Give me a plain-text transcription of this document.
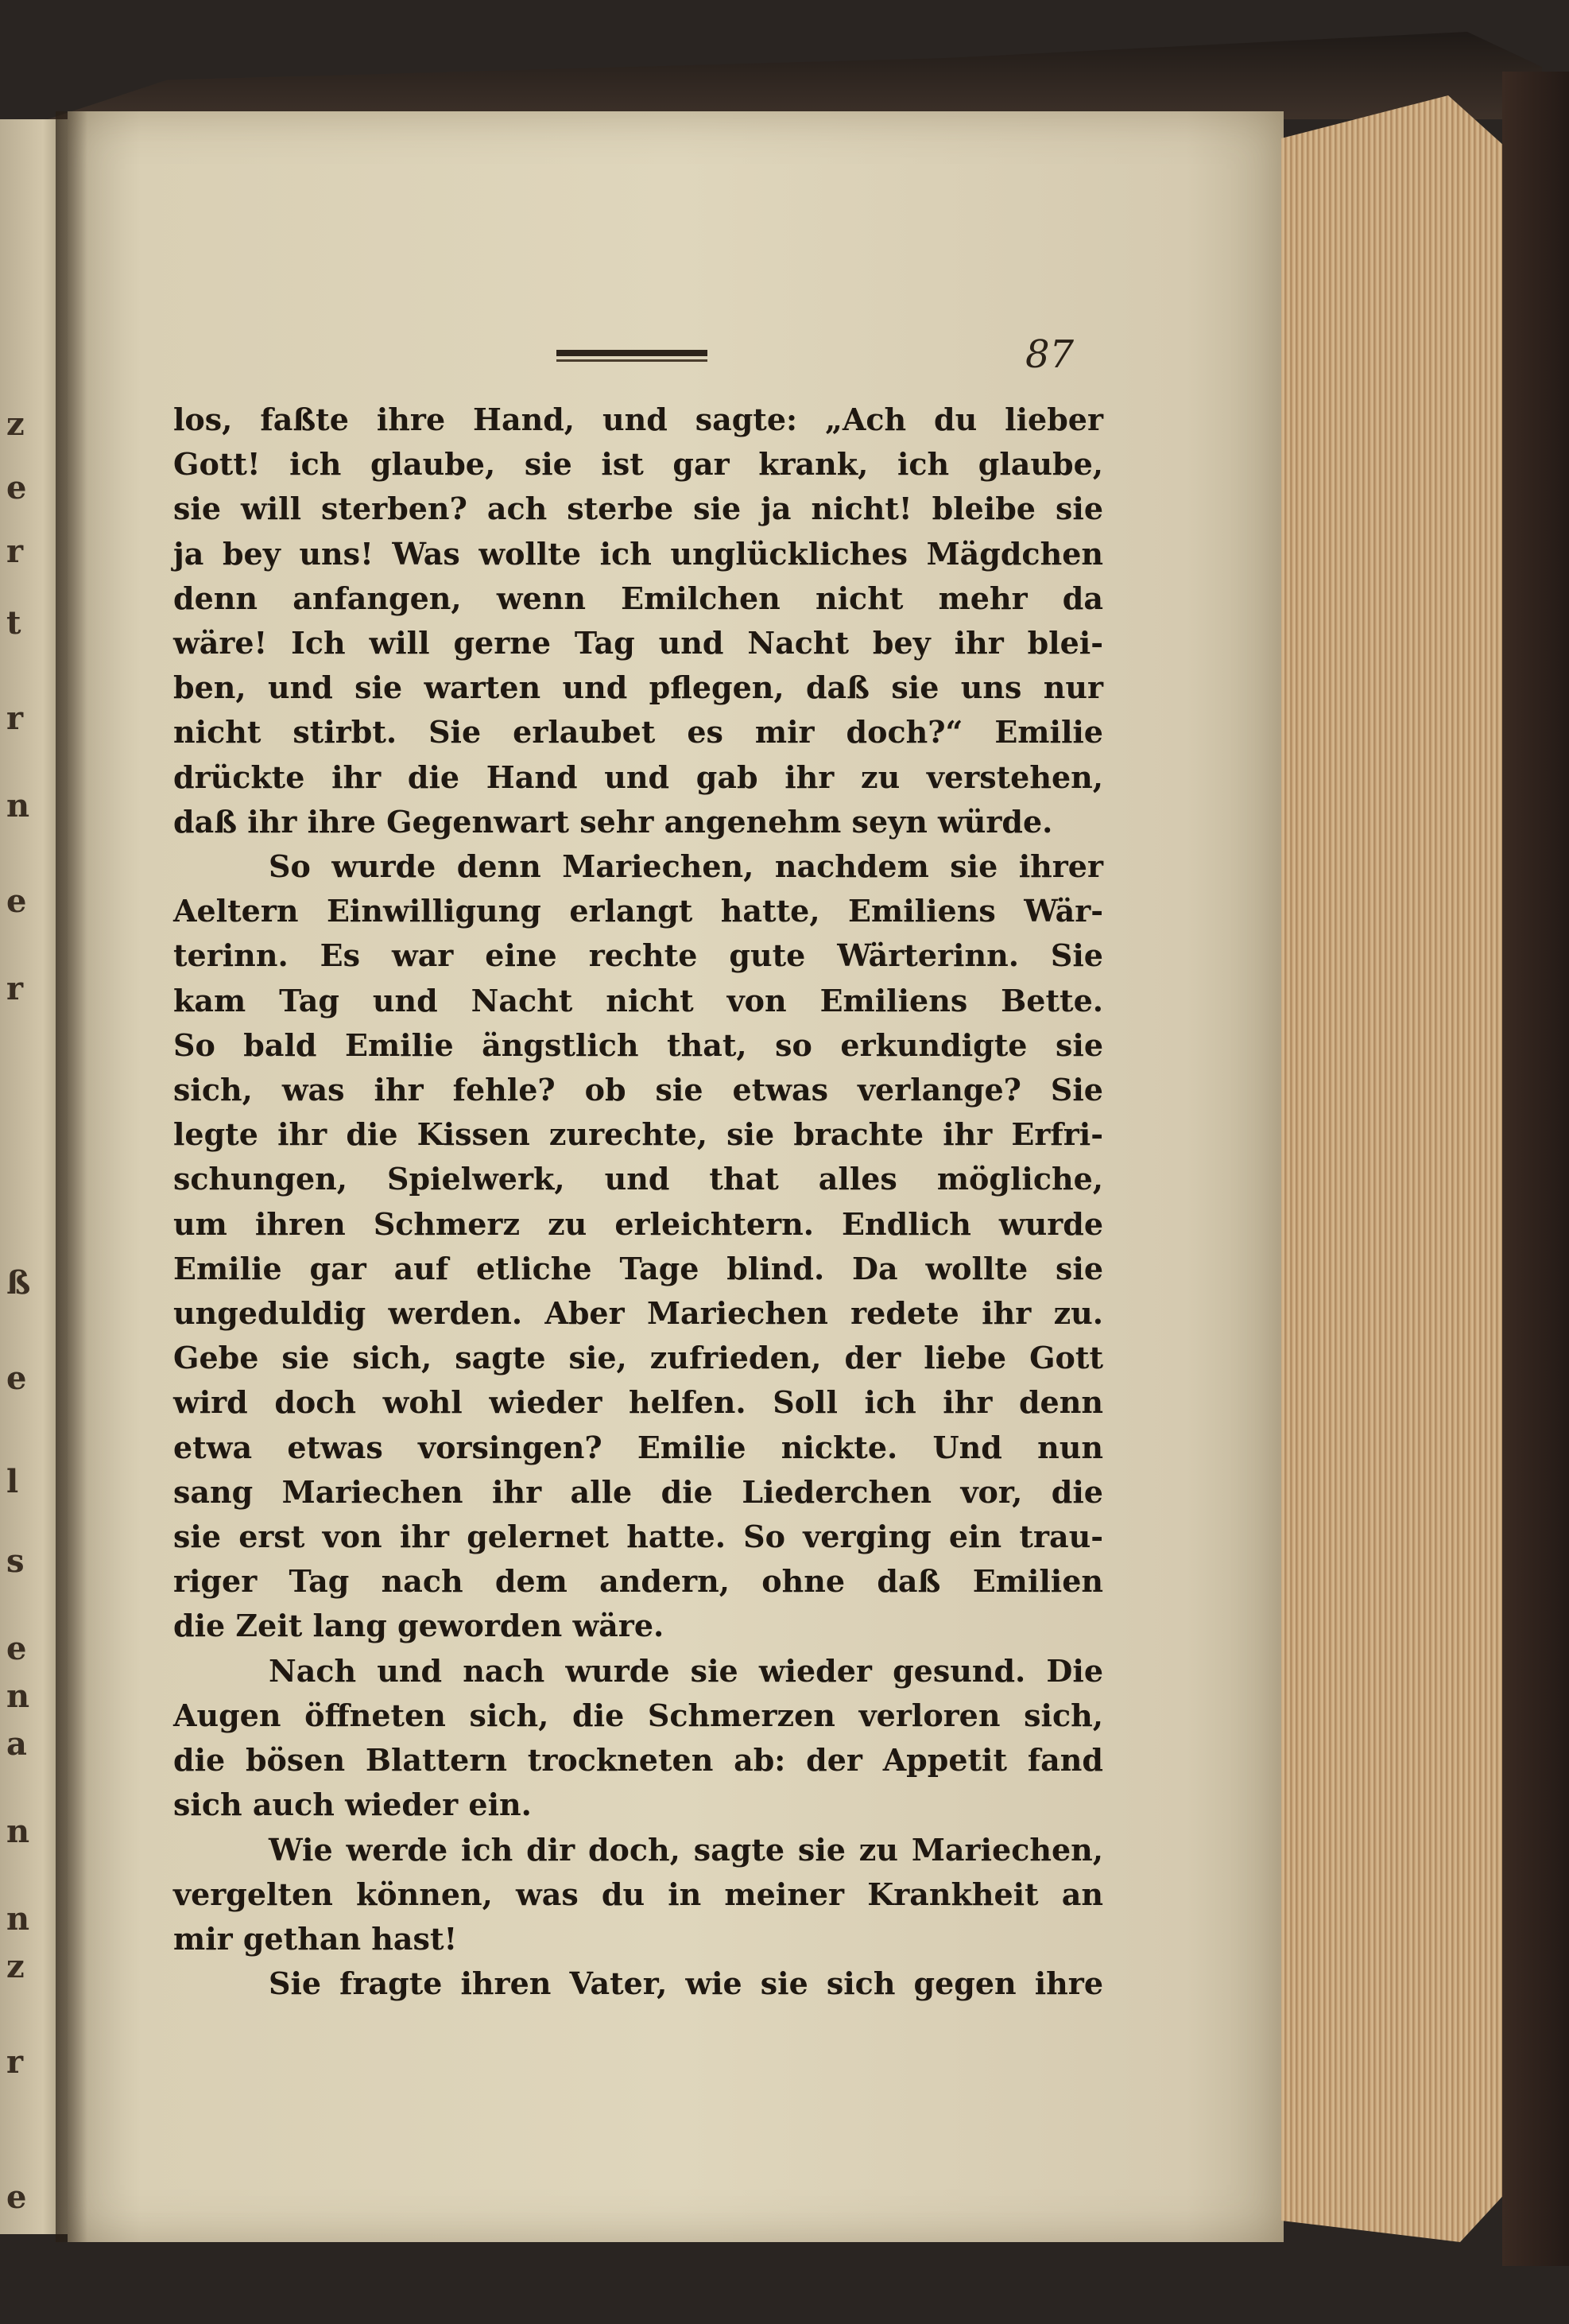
z
e
r
t
r
n
e
r
ß
e
l
s
e
n
a
n
n
z
r
e
87
los, faßte ihre Hand, und sagte: „Ach du lieber
Gott! ich glaube, sie ist gar krank, ich glaube,
sie will sterben? ach sterbe sie ja nicht! bleibe sie
ja bey uns! Was wollte ich unglückliches Mägdchen
denn anfangen, wenn Emilchen nicht mehr da
wäre! Ich will gerne Tag und Nacht bey ihr blei-
ben, und sie warten und pflegen, daß sie uns nur
nicht stirbt. Sie erlaubet es mir doch?“ Emilie
drückte ihr die Hand und gab ihr zu verstehen,
daß ihr ihre Gegenwart sehr angenehm seyn würde.
So wurde denn Mariechen, nachdem sie ihrer
Aeltern Einwilligung erlangt hatte, Emiliens Wär-
terinn. Es war eine rechte gute Wärterinn. Sie
kam Tag und Nacht nicht von Emiliens Bette.
So bald Emilie ängstlich that, so erkundigte sie
sich, was ihr fehle? ob sie etwas verlange? Sie
legte ihr die Kissen zurechte, sie brachte ihr Erfri-
schungen, Spielwerk, und that alles mögliche,
um ihren Schmerz zu erleichtern. Endlich wurde
Emilie gar auf etliche Tage blind. Da wollte sie
ungeduldig werden. Aber Mariechen redete ihr zu.
Gebe sie sich, sagte sie, zufrieden, der liebe Gott
wird doch wohl wieder helfen. Soll ich ihr denn
etwa etwas vorsingen? Emilie nickte. Und nun
sang Mariechen ihr alle die Liederchen vor, die
sie erst von ihr gelernet hatte. So verging ein trau-
riger Tag nach dem andern, ohne daß Emilien
die Zeit lang geworden wäre.
Nach und nach wurde sie wieder gesund. Die
Augen öffneten sich, die Schmerzen verloren sich,
die bösen Blattern trockneten ab: der Appetit fand
sich auch wieder ein.
Wie werde ich dir doch, sagte sie zu Mariechen,
vergelten können, was du in meiner Krankheit an
mir gethan hast!
Sie fragte ihren Vater, wie sie sich gegen ihre
